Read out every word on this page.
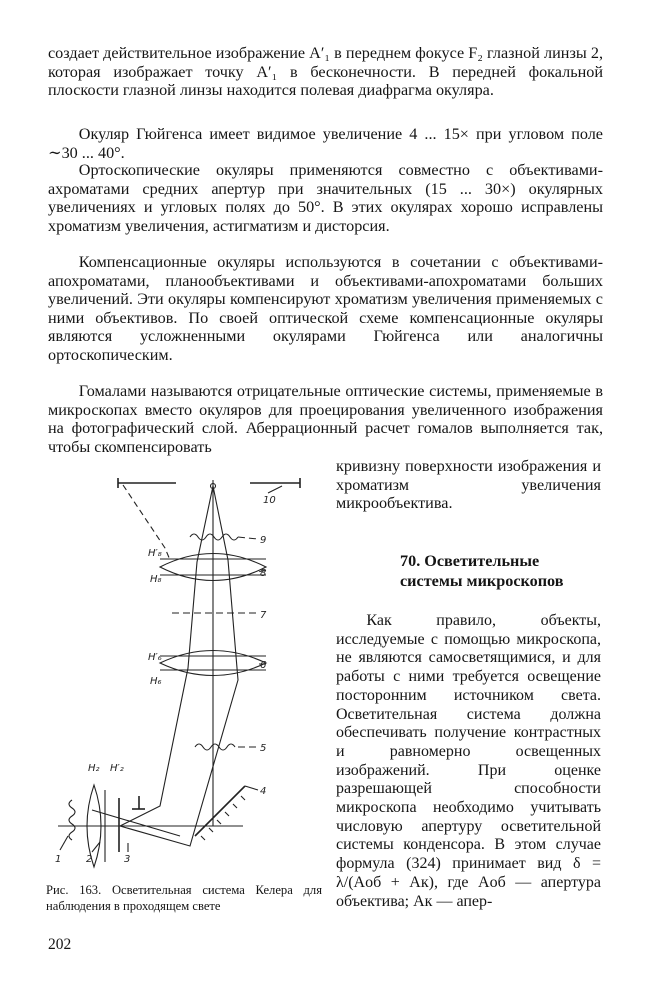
создает действительное изображение A′₁ в переднем фокусе F₂ глазной линзы 2, которая изображает точку A′₁ в бесконечности. В передней фокальной плоскости глазной линзы находится полевая диафрагма окуляра.
Окуляр Гюйгенса имеет видимое увеличение 4 ... 15× при угловом поле ∼30 ... 40°.
Ортоскопические окуляры применяются совместно с объективами-ахроматами средних апертур при значительных (15 ... 30×) окулярных увеличениях и угловых полях до 50°. В этих окулярах хорошо исправлены хроматизм увеличения, астигматизм и дисторсия.
Компенсационные окуляры используются в сочетании с объективами-апохроматами, планообъективами и объективами-апохроматами больших увеличений. Эти окуляры компенсируют хроматизм увеличения применяемых с ними объективов. По своей оптической схеме компенсационные окуляры являются усложненными окулярами Гюйгенса или аналогичны ортоскопическим.
Гомалами называются отрицательные оптические системы, применяемые в микроскопах вместо окуляров для проецирования увеличенного изображения на фотографический слой. Аберрационный расчет гомалов выполняется так, чтобы скомпенсировать
кривизну поверхности изображения и хроматизм увеличения микрообъектива.
70. Осветительные
системы микроскопов
Как правило, объекты, исследуемые с помощью микроскопа, не являются самосветящимися, и для работы с ними требуется освещение посторонним источником света. Осветительная система должна обеспечивать получение контрастных и равномерно освещенных изображений. При оценке разрешающей способности микроскопа необходимо учитывать числовую апертуру осветительной системы конденсора. В этом случае формула (324) принимает вид δ = λ/(Aоб + Aк), где Aоб — апертура объектива; Aк — апер-
9
8
7
6
5
4
10
1 2	3
H′₈
H₈
H′₆
H₆
H₂ H′₂
Рис. 163. Осветительная система Келера для наблюдения в проходящем свете
202
